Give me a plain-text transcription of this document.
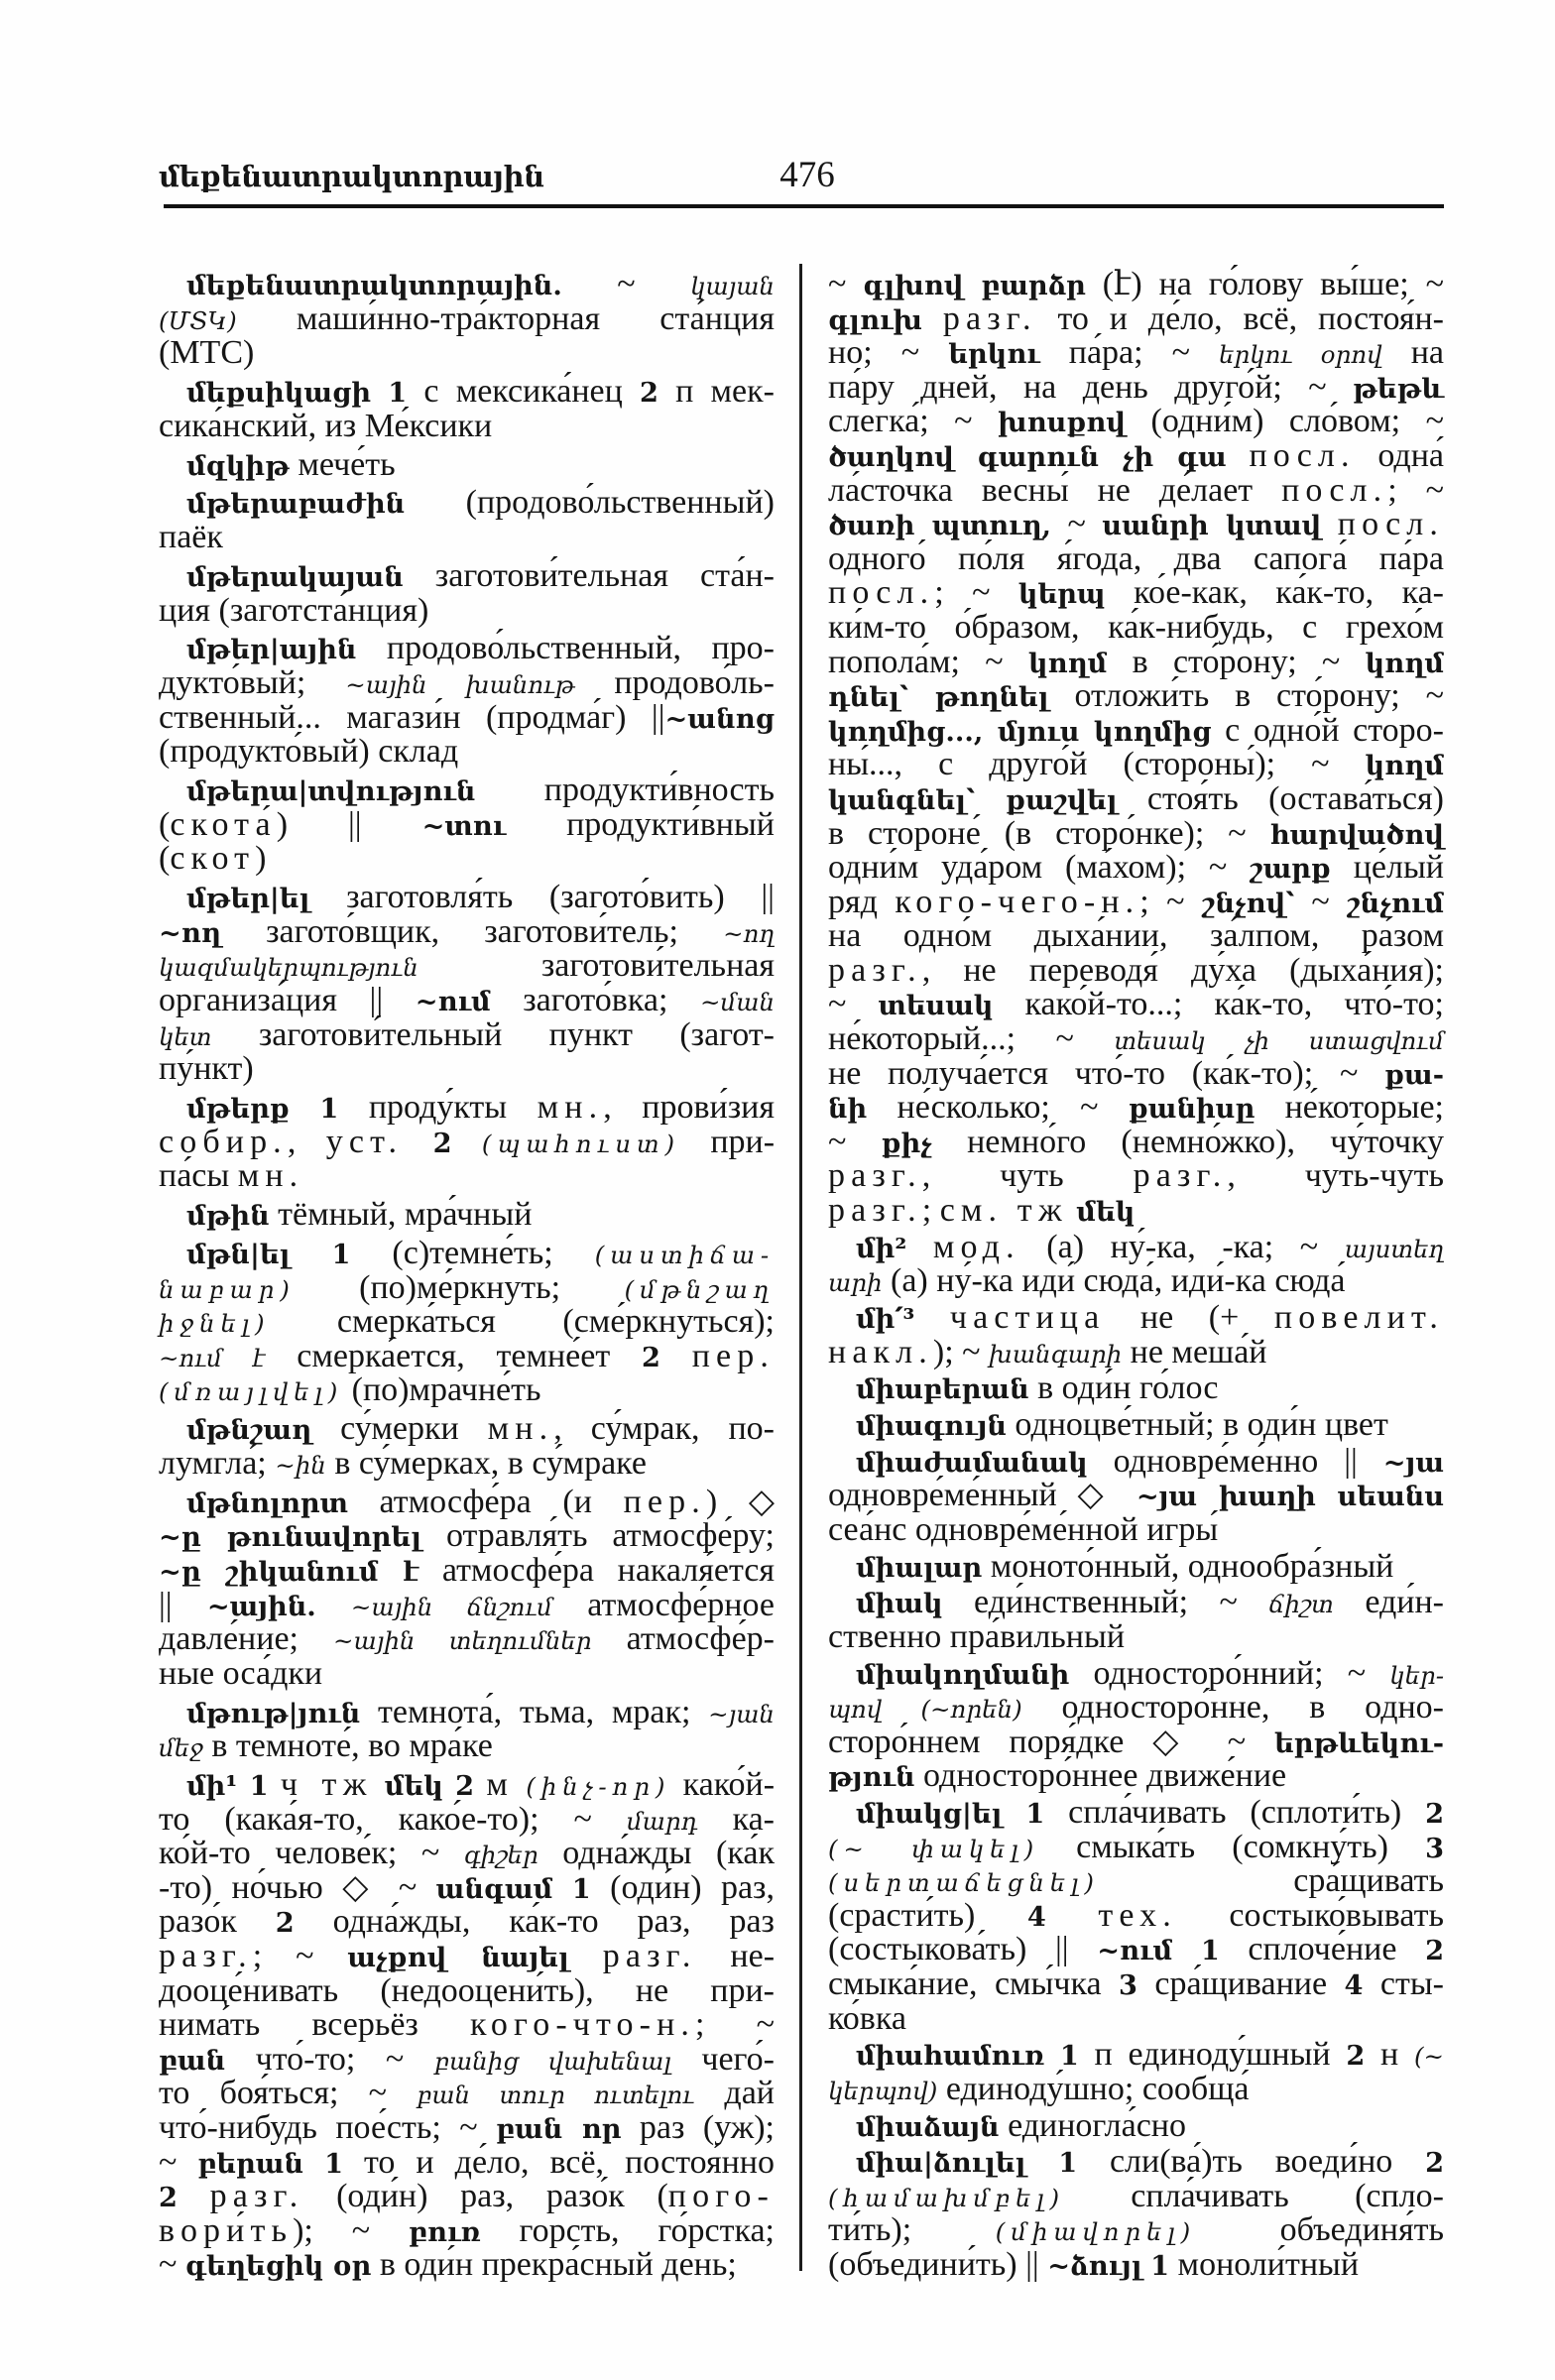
մեքենատրակտորային	476
մեքենատրակտորային. ~ կայան
(ՄՏԿ) маши́нно-тра́кторная ста́нция
(МТС)
մեքսիկացի 1 с мексика́нец 2 п мек-
сика́нский, из Ме́ксики
մզկիթ мече́ть
մթերաբաժին (продово́льственный)
паёк
մթերակայան заготови́тельная ста́н-
ция (заготста́нция)
մթեր|ային продово́льственный, про-
дукто́вый; ~ային խանութ продово́ль-
ственный... магази́н (продма́г) ||~անոց
(продукто́вый) склад
մթերա|տվություն продукти́вность
(скота́) || ~տու продукти́вный
(скот)
մթեր|ել заготовля́ть (загото́вить) ||
~ող загото́вщик, заготови́тель; ~ող
կազմակերպություն заготови́тельная
организа́ция || ~ում загото́вка; ~ման
կետ заготови́тельный пункт (загот-
пу́нкт)
մթերք 1 проду́кты мн., прови́зия
собир., уст. 2 (պահուստ) при-
па́сы мн.
մթին тёмный, мра́чный
մթն|ել 1 (с)темне́ть; (աստիճա-
նաբար) (по)ме́ркнуть; (մթնշաղ
իջնել) смерка́ться (сме́ркнуться);
~ում է смерка́ется, темне́ет 2 пер.
(մռայլվել) (по)мрачне́ть
մթնշաղ су́мерки мн., су́мрак, по-
лумгла́; ~ին в су́мерках, в су́мраке
մթնոլորտ атмосфе́ра (и пер.) ◇
~ը թունավորել отравля́ть атмосфе́ру;
~ը շիկանում է атмосфе́ра накаля́ется
|| ~ային. ~ային ճնշում атмосфе́рное
давле́ние; ~ային տեղումներ атмосфе́р-
ные оса́дки
մթութ|յուն темнота́, тьма, мрак; ~յան
մեջ в темноте́, во мра́ке
մի¹ 1 ч тж մեկ 2 м (ինչ-որ) како́й-
то (кака́я-то, како́е-то); ~ մարդ ка-
ко́й-то челове́к; ~ գիշեր одна́жды (ка́к
-то) но́чью ◇ ~ անգամ 1 (оди́н) раз,
разо́к 2 одна́жды, ка́к-то раз, раз
разг.; ~ աչքով նայել разг. не-
дооце́нивать (недооцени́ть), не при-
нима́ть всерьёз кого-что-н.; ~
բան что́-то; ~ բանից վախենալ чего́-
то боя́ться; ~ բան տուր ուտելու дай
что́-нибудь пое́сть; ~ բան որ раз (уж);
~ բերան 1 то и де́ло, всё, постоя́нно
2 разг. (оди́н) раз, разо́к (пого-
вори́ть); ~ բուռ горсть, го́рстка;
~ գեղեցիկ օր в оди́н прекра́сный день;
~ գլխով բարձր (է) на го́лову вы́ше; ~
գլուխ разг. то и де́ло, всё, постоя́н-
но; ~ երկու па́ра; ~ երկու օրով на
па́ру дней, на день друго́й; ~ թեթև
слегка́; ~ խոսքով (одни́м) сло́вом; ~
ծաղկով գարուն չի գա посл. одна́
ла́сточка весны́ не де́лает посл.; ~
ծառի պտուղ, ~ սանրի կտավ посл.
одного́ по́ля я́года, два сапога́ па́ра
посл.; ~ կերպ ко́е-как, ка́к-то, ка-
ки́м-то о́бразом, ка́к-нибудь, с грехо́м
попола́м; ~ կողմ в сто́рону; ~ կողմ
դնել՝ թողնել отложи́ть в сто́рону; ~
կողմից..., մյուս կողմից с одно́й сторо-
ны́..., с друго́й (стороны́); ~ կողմ
կանգնել՝ քաշվել стоя́ть (остава́ться)
в стороне́ (в сторо́нке); ~ հարվածով
одни́м уда́ром (ма́хом); ~ շարք це́лый
ряд кого-чего-н.; ~ շնչով՝ ~ շնչում
на одно́м дыха́нии, за́лпом, ра́зом
разг., не переводя́ ду́ха (дыха́ния);
~ տեսակ како́й-то...; ка́к-то, что́-то;
не́который...; ~ տեսակ չի ստացվում
не получа́ется что́-то (ка́к-то); ~ քա-
նի не́сколько; ~ քանիսը не́которые;
~ քիչ немно́го (немно́жко), чу́точку
разг., чуть разг., чуть-чуть
разг.; см. тж մեկ
մի² мод. (а) ну́-ка, -ка; ~ այստեղ
արի (а) ну́-ка иди́ сюда́, иди́-ка сюда́
մի՛³ частица не (+ повелит.
накл.); ~ խանգարի не меша́й
միաբերան в оди́н го́лос
միագույն одноцве́тный; в оди́н цвет
միաժամանակ одновре́ме́нно || ~յա
одновре́ме́нный ◇ ~յա խաղի սեանս
сеа́нс одновре́ме́нной игры́
միալար моното́нный, однообра́зный
միակ еди́нственный; ~ ճիշտ еди́н-
ственно пра́вильный
միակողմանի односторо́нний; ~ կեր-
պով (~որեն) односторо́нне, в одно-
сторо́ннем поря́дке ◇ ~ երթևեկու-
թյուն односторо́ннее движе́ние
միակց|ել 1 спла́чивать (сплоти́ть) 2
(~ փակել) смыка́ть (сомкну́ть) 3
(սերտաճեցնել) сра́щивать
(срасти́ть) 4 тех. состыко́вывать
(состыкова́ть) || ~ում 1 сплоче́ние 2
смыка́ние, смы́чка 3 сра́щивание 4 сты-
ко́вка
միահամուռ 1 п единоду́шный 2 н (~
կերպով) единоду́шно; сообща́
միաձայն единогла́сно
միա|ձուլել 1 сли(ва́)ть воеди́но 2
(համախմբել) спла́чивать (спло-
ти́ть); (միավորել) объединя́ть
(объедини́ть) || ~ձույլ 1 моноли́тный
